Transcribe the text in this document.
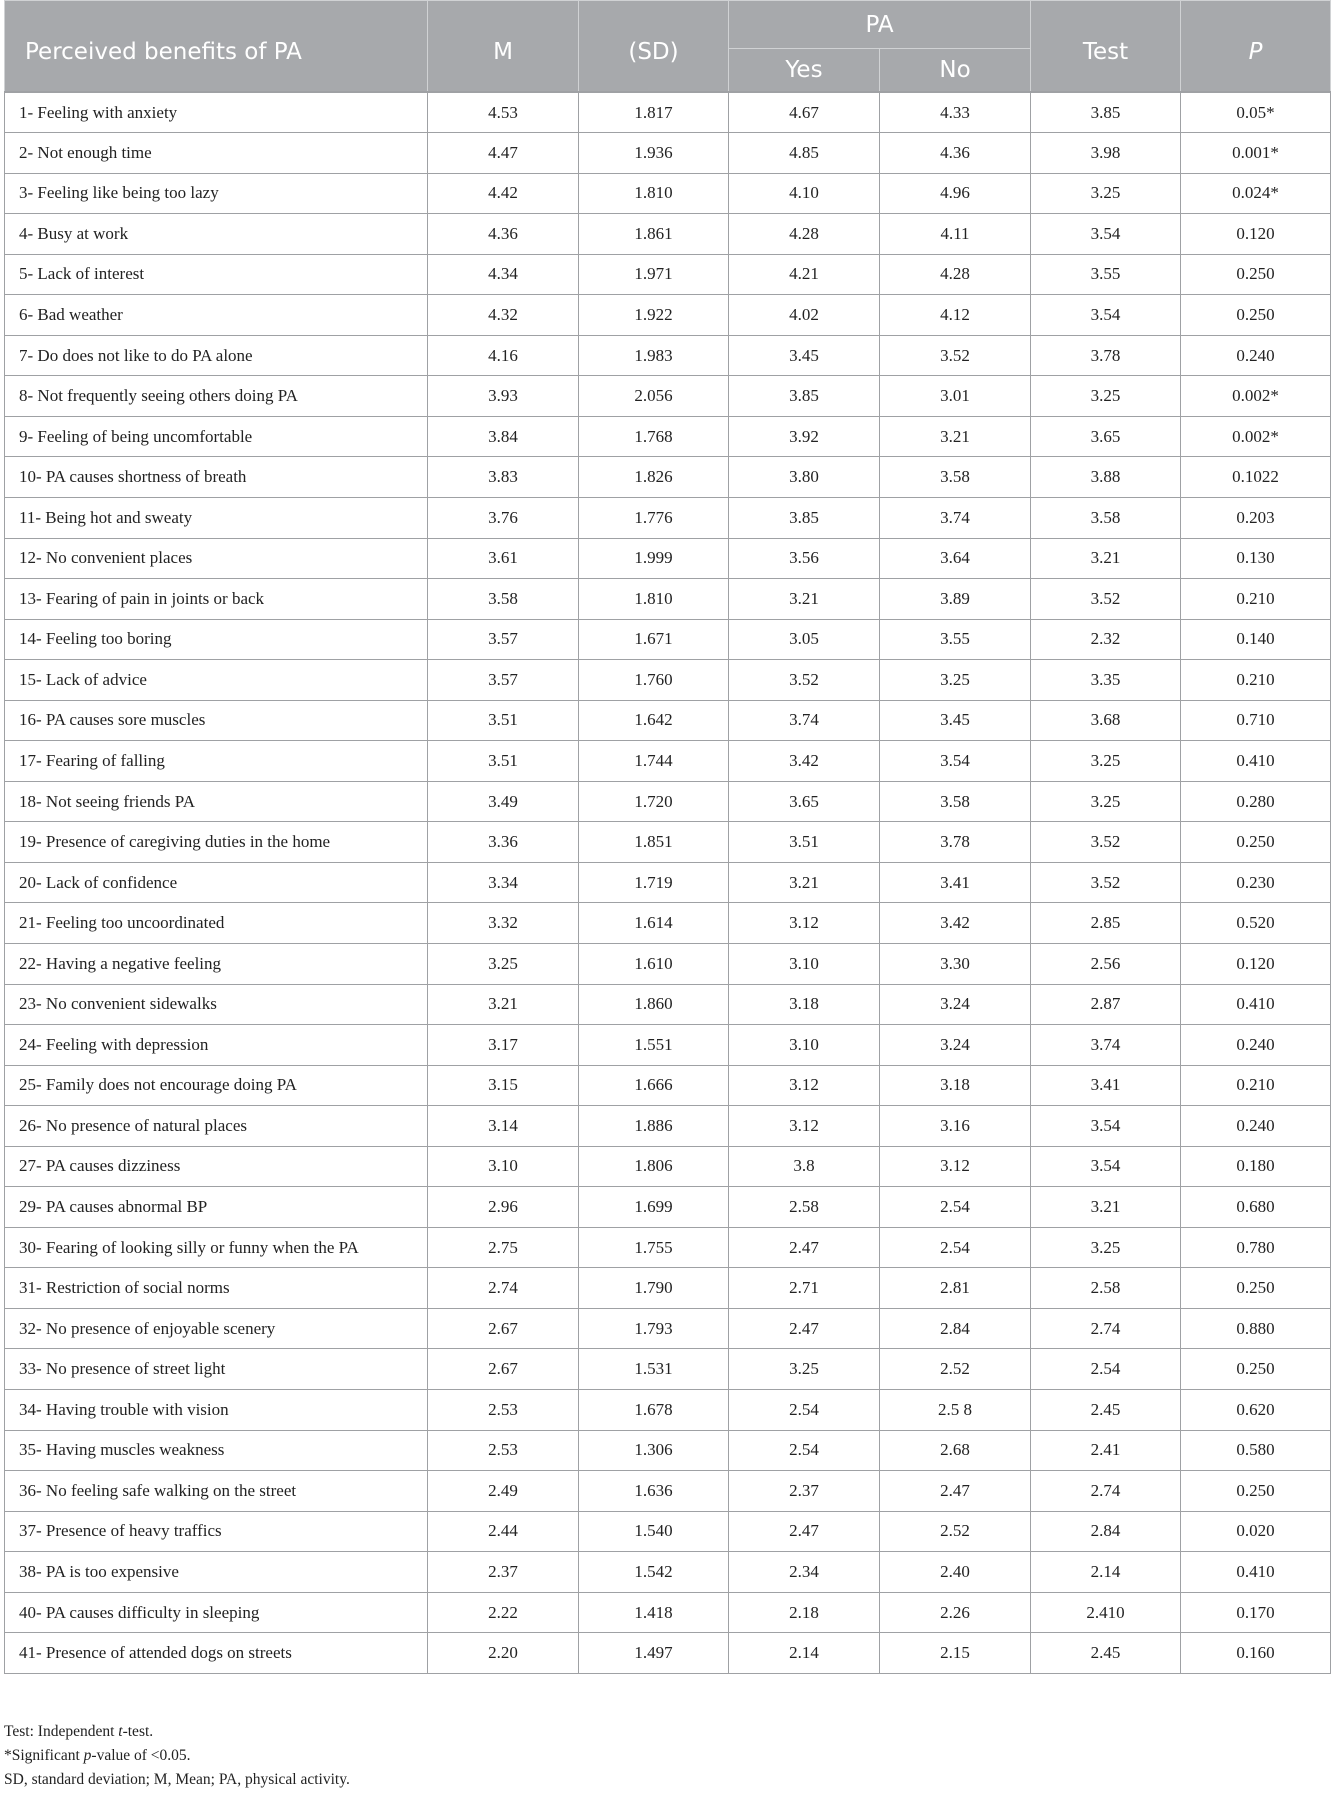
Perceived benefits of PA	M	(SD)	PA		Test	P
			Yes	No		
1- Feeling with anxiety	4.53	1.817	4.67	4.33	3.85	0.05*
2- Not enough time	4.47	1.936	4.85	4.36	3.98	0.001*
3- Feeling like being too lazy	4.42	1.810	4.10	4.96	3.25	0.024*
4- Busy at work	4.36	1.861	4.28	4.11	3.54	0.120
5- Lack of interest	4.34	1.971	4.21	4.28	3.55	0.250
6- Bad weather	4.32	1.922	4.02	4.12	3.54	0.250
7- Do does not like to do PA alone	4.16	1.983	3.45	3.52	3.78	0.240
8- Not frequently seeing others doing PA	3.93	2.056	3.85	3.01	3.25	0.002*
9- Feeling of being uncomfortable	3.84	1.768	3.92	3.21	3.65	0.002*
10- PA causes shortness of breath	3.83	1.826	3.80	3.58	3.88	0.1022
11- Being hot and sweaty	3.76	1.776	3.85	3.74	3.58	0.203
12- No convenient places	3.61	1.999	3.56	3.64	3.21	0.130
13- Fearing of pain in joints or back	3.58	1.810	3.21	3.89	3.52	0.210
14- Feeling too boring	3.57	1.671	3.05	3.55	2.32	0.140
15- Lack of advice	3.57	1.760	3.52	3.25	3.35	0.210
16- PA causes sore muscles	3.51	1.642	3.74	3.45	3.68	0.710
17- Fearing of falling	3.51	1.744	3.42	3.54	3.25	0.410
18- Not seeing friends PA	3.49	1.720	3.65	3.58	3.25	0.280
19- Presence of caregiving duties in the home	3.36	1.851	3.51	3.78	3.52	0.250
20- Lack of confidence	3.34	1.719	3.21	3.41	3.52	0.230
21- Feeling too uncoordinated	3.32	1.614	3.12	3.42	2.85	0.520
22- Having a negative feeling	3.25	1.610	3.10	3.30	2.56	0.120
23- No convenient sidewalks	3.21	1.860	3.18	3.24	2.87	0.410
24- Feeling with depression	3.17	1.551	3.10	3.24	3.74	0.240
25- Family does not encourage doing PA	3.15	1.666	3.12	3.18	3.41	0.210
26- No presence of natural places	3.14	1.886	3.12	3.16	3.54	0.240
27- PA causes dizziness	3.10	1.806	3.8	3.12	3.54	0.180
29- PA causes abnormal BP	2.96	1.699	2.58	2.54	3.21	0.680
30- Fearing of looking silly or funny when the PA	2.75	1.755	2.47	2.54	3.25	0.780
31- Restriction of social norms	2.74	1.790	2.71	2.81	2.58	0.250
32- No presence of enjoyable scenery	2.67	1.793	2.47	2.84	2.74	0.880
33- No presence of street light	2.67	1.531	3.25	2.52	2.54	0.250
34- Having trouble with vision	2.53	1.678	2.54	2.5 8	2.45	0.620
35- Having muscles weakness	2.53	1.306	2.54	2.68	2.41	0.580
36- No feeling safe walking on the street	2.49	1.636	2.37	2.47	2.74	0.250
37- Presence of heavy traffics	2.44	1.540	2.47	2.52	2.84	0.020
38- PA is too expensive	2.37	1.542	2.34	2.40	2.14	0.410
40- PA causes difficulty in sleeping	2.22	1.418	2.18	2.26	2.410	0.170
41- Presence of attended dogs on streets	2.20	1.497	2.14	2.15	2.45	0.160
Test: Independent t-test.
*Significant p-value of <0.05.
SD, standard deviation; M, Mean; PA, physical activity.
